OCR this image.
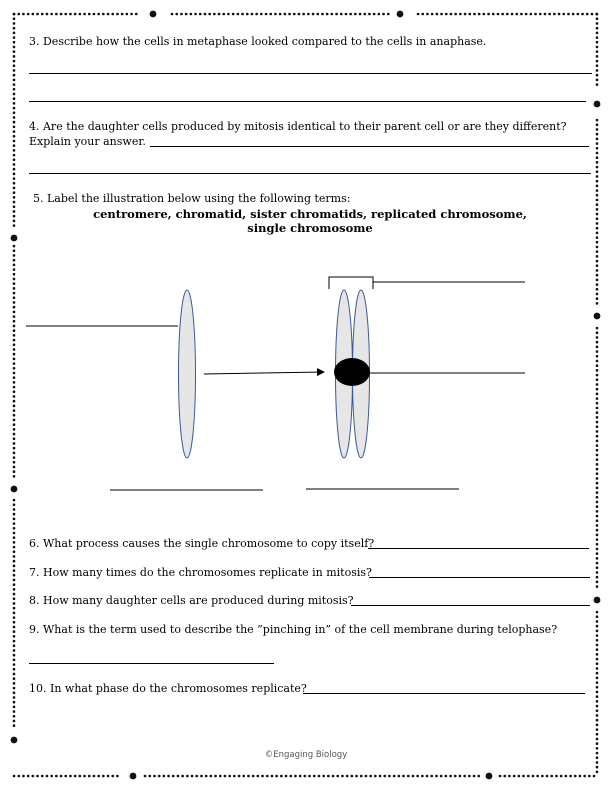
3. Describe how the cells in metaphase looked compared to the cells in anaphase.

4. Are the daughter cells produced by mitosis identical to their parent cell or are they different?

Explain your answer.

5. Label the illustration below using the following terms:

centromere, chromatid, sister chromatids, replicated chromosome,
single chromosome

6. What process causes the single chromosome to copy itself?

7. How many times do the chromosomes replicate in mitosis?

8. How many daughter cells are produced during mitosis?

9. What is the term used to describe the ”pinching in” of the cell membrane during telophase?

10. In what phase do the chromosomes replicate?

©Engaging Biology
